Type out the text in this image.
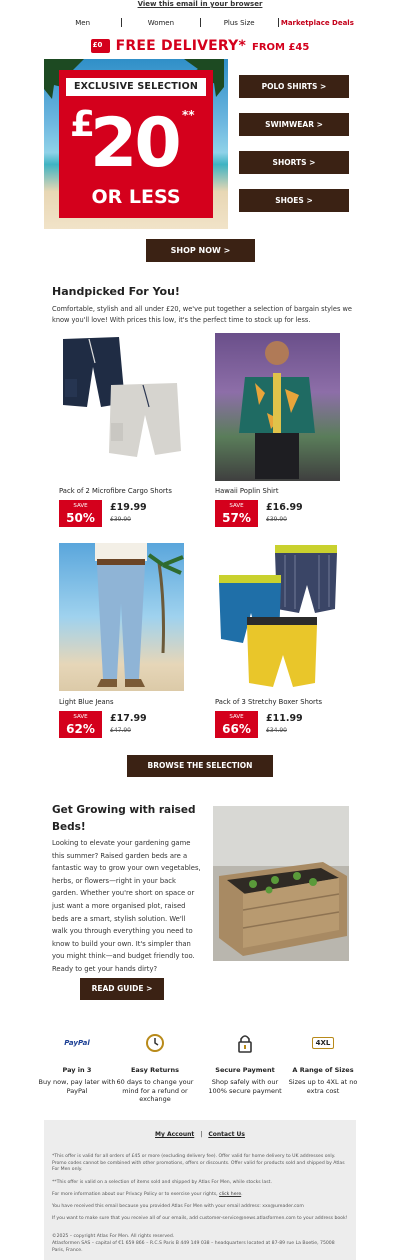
View this email in your browser
Men	Women	Plus Size	Marketplace Deals
£0 FREE DELIVERY* FROM £45
EXCLUSIVE SELECTION
£
20 **
OR LESS
POLO SHIRTS >
SWIMWEAR >
SHORTS >
SHOES >
SHOP NOW >
Handpicked For You!
Comfortable, stylish and all under £20, we've put together a selection of bargain styles we know you'll love! With prices this low, it's the perfect time to stock up for less.
Pack of 2 Microfibre Cargo Shorts
SAVE
50%
£19.99
£39.90
Hawaii Poplin Shirt
SAVE
57%
£16.99
£39.90
Light Blue Jeans
SAVE
62%
£17.99
£47.90
Pack of 3 Stretchy Boxer Shorts
SAVE
66%
£11.99
£34.90
BROWSE THE SELECTION
Get Growing with raised Beds!
Looking to elevate your gardening game this summer? Raised garden beds are a fantastic way to grow your own vegetables, herbs, or flowers—right in your back garden. Whether you're short on space or just want a more organised plot, raised beds are a smart, stylish solution. We'll walk you through everything you need to know to build your own. It's simpler than you might think—and budget friendly too. Ready to get your hands dirty?
READ GUIDE >
PayPal
Pay in 3
Buy now, pay later with PayPal
Easy Returns
60 days to change your mind for a refund or exchange
Secure Payment
Shop safely with our 100% secure payment
4XL
A Range of Sizes
Sizes up to 4XL at no extra cost
My Account | Contact Us
*This offer is valid for all orders of £45 or more (excluding delivery fee). Offer valid for home delivery to UK addresses only. Promo codes cannot be combined with other promotions, offers or discounts. Offer valid for products sold and shipped by Atlas For Men only.
**This offer is valid on a selection of items sold and shipped by Atlas For Men, while stocks last.
For more information about our Privacy Policy or to exercise your rights, click here.
You have received this email because you provided Atlas For Men with your email address: xxx@ureader.com
If you want to make sure that you receive all of our emails, add customer-service@news.atlasformen.com to your address book!
©2025 – copyright Atlas For Men. All rights reserved.
Atlasformen SAS – capital of €1 659 866 – R.C.S Paris B 449 149 038 – headquarters located at 87-89 rue La Boetie, 75008 Paris, France.
